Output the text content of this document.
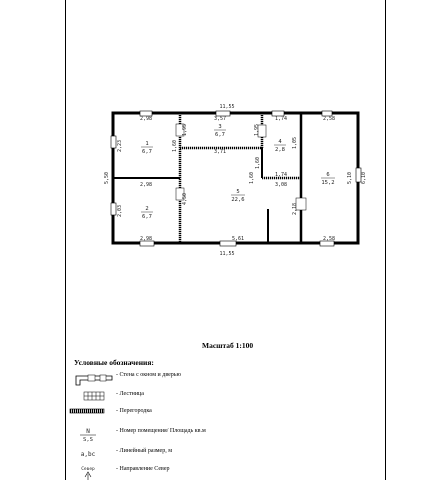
11,55
11,55
2,98
2,98
2,98
3,57
3,71
1,74
1,74
3,08
5,61
2,58
2,58
5,50
2,23
2,03
1,60
1,95
4,50
1,95
1,60
1,05
2,18
1,60	5,10 6,10
1
6,7
2
6,7
3
6,7
4
2,8
5
22,6
6
15,2
N
S,S
a,bc
Север
Масштаб 1:100
Условные обозначения:
- Стена с окном и дверью
- Лестница
- Перегородка
- Номер помещения/ Площадь кв.м
- Линейный размер, м
- Направление Север
